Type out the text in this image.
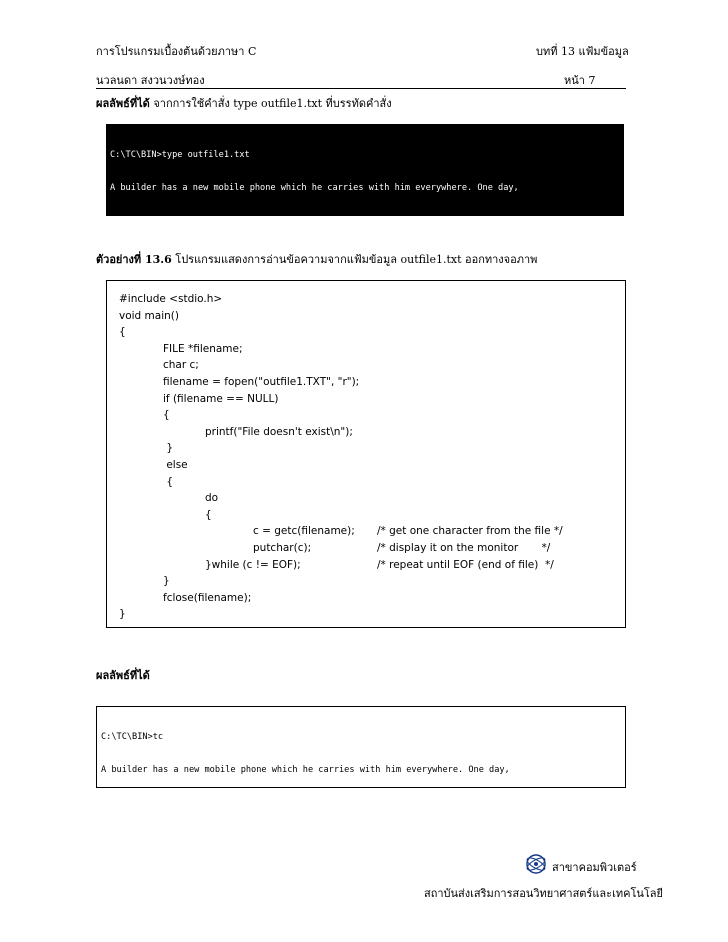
การโปรแกรมเบื้องต้นด้วยภาษา C	บทที่ 13 แฟ้มข้อมูล
นวลนดา สงวนวงษ์ทอง	หน้า 7
ผลลัพธ์ที่ได้ จากการใช้คำสั่ง type outfile1.txt ที่บรรทัดคำสั่ง

C:\TC\BIN>type outfile1.txt

A builder has a new mobile phone which he carries with him everywhere. One day,

ตัวอย่างที่ 13.6 โปรแกรมแสดงการอ่านข้อความจากแฟ้มข้อมูล outfile1.txt ออกทางจอภาพ
#include <stdio.h>
void main()
{
FILE *filename;
char c;
filename = fopen("outfile1.TXT", "r");
if (filename == NULL)
{
printf("File doesn't exist\n");
}
else
{
do
{
c = getc(filename); /* get one character from the file */
putchar(c);	/* display it on the monitor       */
}while (c != EOF);	/* repeat until EOF (end of file)  */
}
fclose(filename);
}
ผลลัพธ์ที่ได้

C:\TC\BIN>tc

A builder has a new mobile phone which he carries with him everywhere. One day,

สาขาคอมพิวเตอร์
สถาบันส่งเสริมการสอนวิทยาศาสตร์และเทคโนโลยี
